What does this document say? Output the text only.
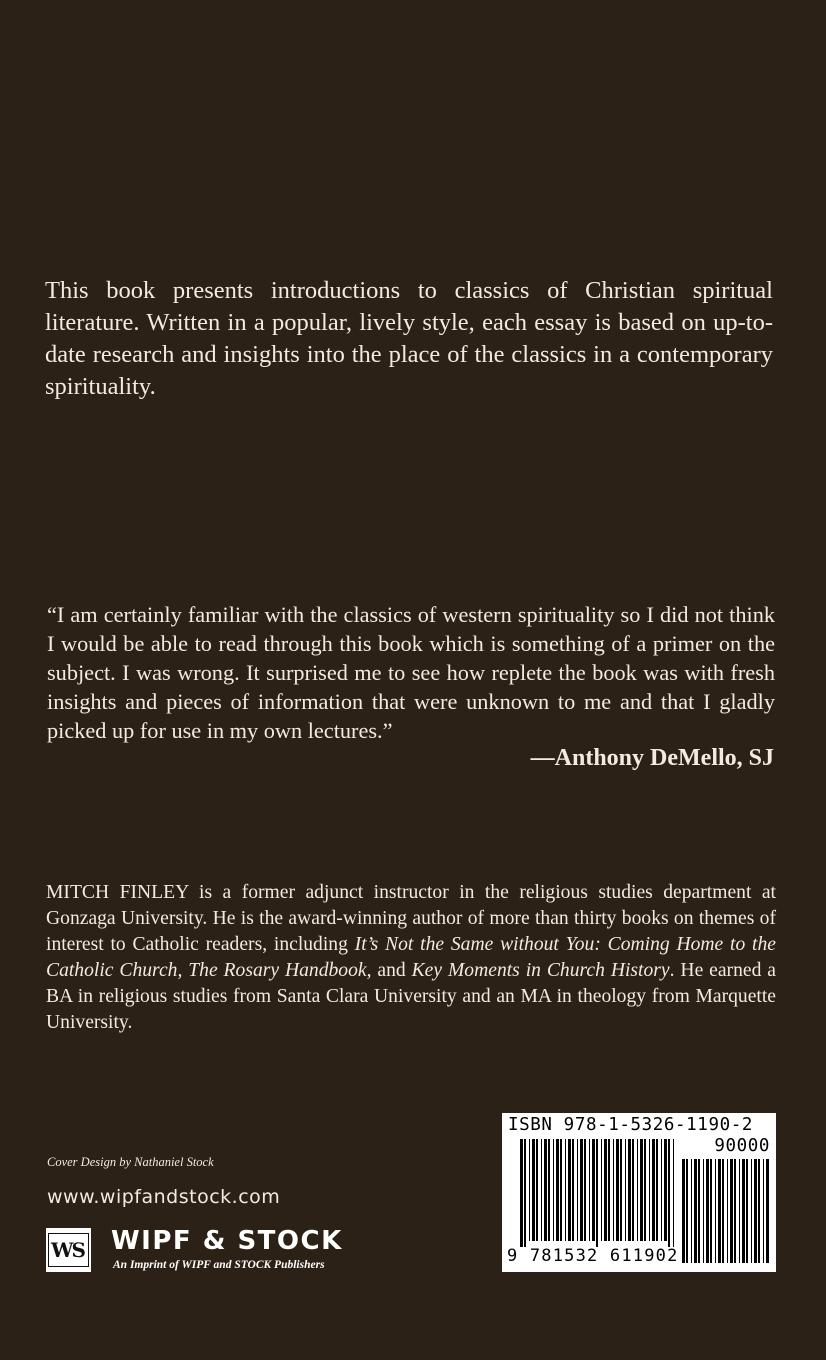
This book presents introductions to classics of Christian spiritual literature. Written in a popular, lively style, each essay is based on up-to-date research and insights into the place of the classics in a contemporary spirituality.

“I am certainly familiar with the classics of western spirituality so I did not think I would be able to read through this book which is something of a primer on the subject. I was wrong. It surprised me to see how replete the book was with fresh insights and pieces of information that were unknown to me and that I gladly picked up for use in my own lectures.”

—Anthony DeMello, SJ

MITCH FINLEY is a former adjunct instructor in the religious studies department at Gonzaga University. He is the award-winning author of more than thirty books on themes of interest to Catholic readers, including It’s Not the Same without You: Coming Home to the Catholic Church, The Rosary Handbook, and Key Moments in Church History. He earned a BA in religious studies from Santa Clara University and an MA in theology from Marquette University.

Cover Design by Nathaniel Stock

www.wipfandstock.com

WS WIPF & STOCK

An Imprint of WIPF and STOCK Publishers

ISBN 978-1-5326-1190-2

90000

9 781532 611902
